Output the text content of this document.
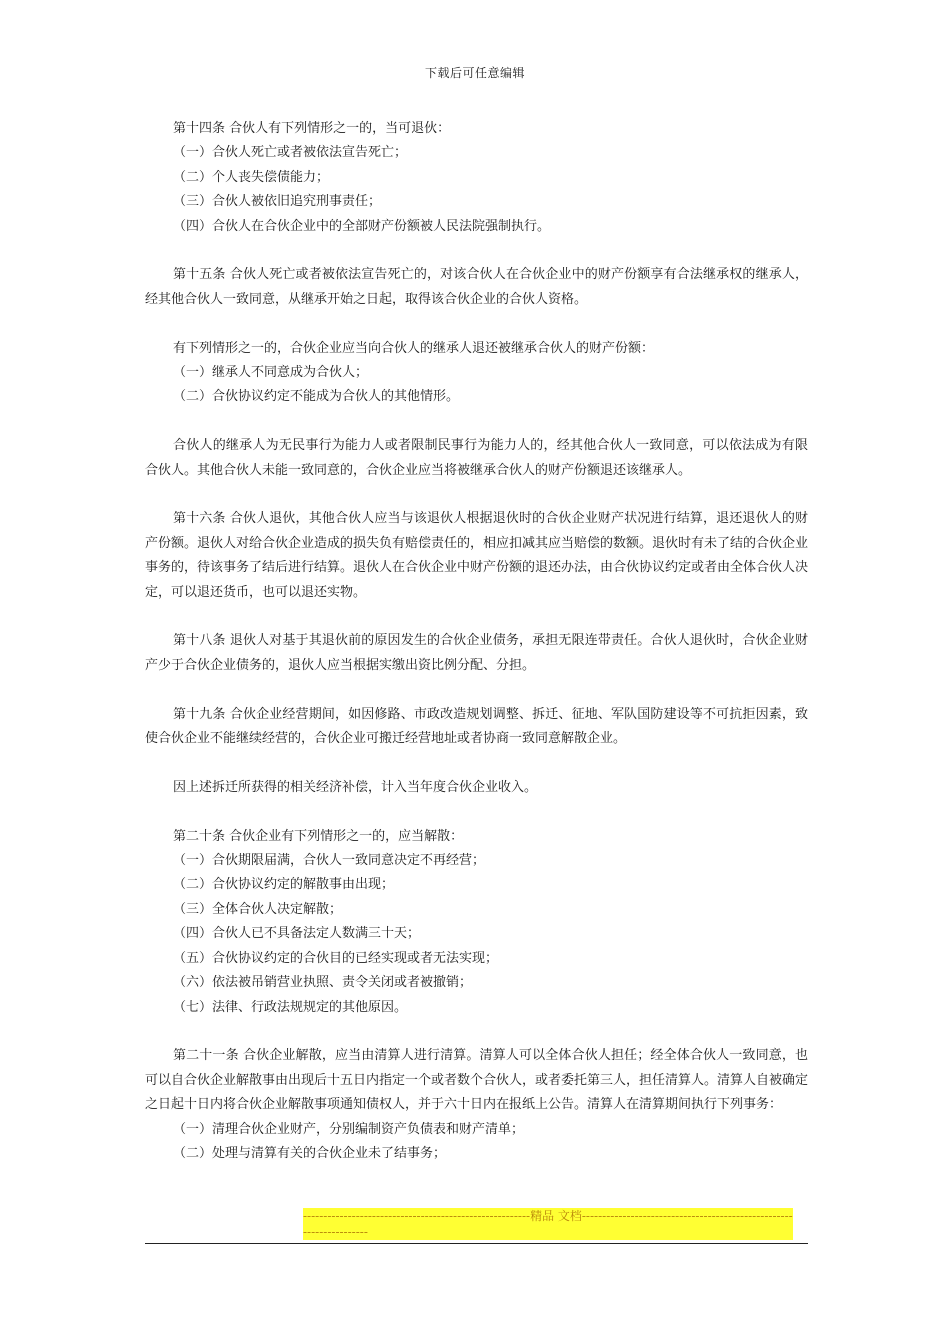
下载后可任意编辑

第十四条 合伙人有下列情形之一的，当可退伙：

（一）合伙人死亡或者被依法宣告死亡；

（二）个人丧失偿债能力；

（三）合伙人被依旧追究刑事责任；

（四）合伙人在合伙企业中的全部财产份额被人民法院强制执行。

第十五条 合伙人死亡或者被依法宣告死亡的，对该合伙人在合伙企业中的财产份额享有合法继承权的继承人，经其他合伙人一致同意，从继承开始之日起，取得该合伙企业的合伙人资格。

有下列情形之一的，合伙企业应当向合伙人的继承人退还被继承合伙人的财产份额：

（一）继承人不同意成为合伙人；

（二）合伙协议约定不能成为合伙人的其他情形。

合伙人的继承人为无民事行为能力人或者限制民事行为能力人的，经其他合伙人一致同意，可以依法成为有限合伙人。其他合伙人未能一致同意的，合伙企业应当将被继承合伙人的财产份额退还该继承人。

第十六条 合伙人退伙，其他合伙人应当与该退伙人根据退伙时的合伙企业财产状况进行结算，退还退伙人的财产份额。退伙人对给合伙企业造成的损失负有赔偿责任的，相应扣减其应当赔偿的数额。退伙时有未了结的合伙企业事务的，待该事务了结后进行结算。退伙人在合伙企业中财产份额的退还办法，由合伙协议约定或者由全体合伙人决定，可以退还货币，也可以退还实物。

第十八条 退伙人对基于其退伙前的原因发生的合伙企业债务，承担无限连带责任。合伙人退伙时，合伙企业财产少于合伙企业债务的，退伙人应当根据实缴出资比例分配、分担。

第十九条 合伙企业经营期间，如因修路、市政改造规划调整、拆迁、征地、军队国防建设等不可抗拒因素，致使合伙企业不能继续经营的，合伙企业可搬迁经营地址或者协商一致同意解散企业。

因上述拆迁所获得的相关经济补偿，计入当年度合伙企业收入。

第二十条 合伙企业有下列情形之一的，应当解散：

（一）合伙期限届满，合伙人一致同意决定不再经营；

（二）合伙协议约定的解散事由出现；

（三）全体合伙人决定解散；

（四）合伙人已不具备法定人数满三十天；

（五）合伙协议约定的合伙目的已经实现或者无法实现；

（六）依法被吊销营业执照、责令关闭或者被撤销；

（七）法律、行政法规规定的其他原因。

第二十一条 合伙企业解散，应当由清算人进行清算。清算人可以全体合伙人担任；经全体合伙人一致同意，也可以自合伙企业解散事由出现后十五日内指定一个或者数个合伙人，或者委托第三人，担任清算人。清算人自被确定之日起十日内将合伙企业解散事项通知债权人，并于六十日内在报纸上公告。清算人在清算期间执行下列事务：

（一）清理合伙企业财产，分别编制资产负债表和财产清单；

（二）处理与清算有关的合伙企业未了结事务；

--------------------------------------------------------精品 文档--------------------------------------------------------------------
